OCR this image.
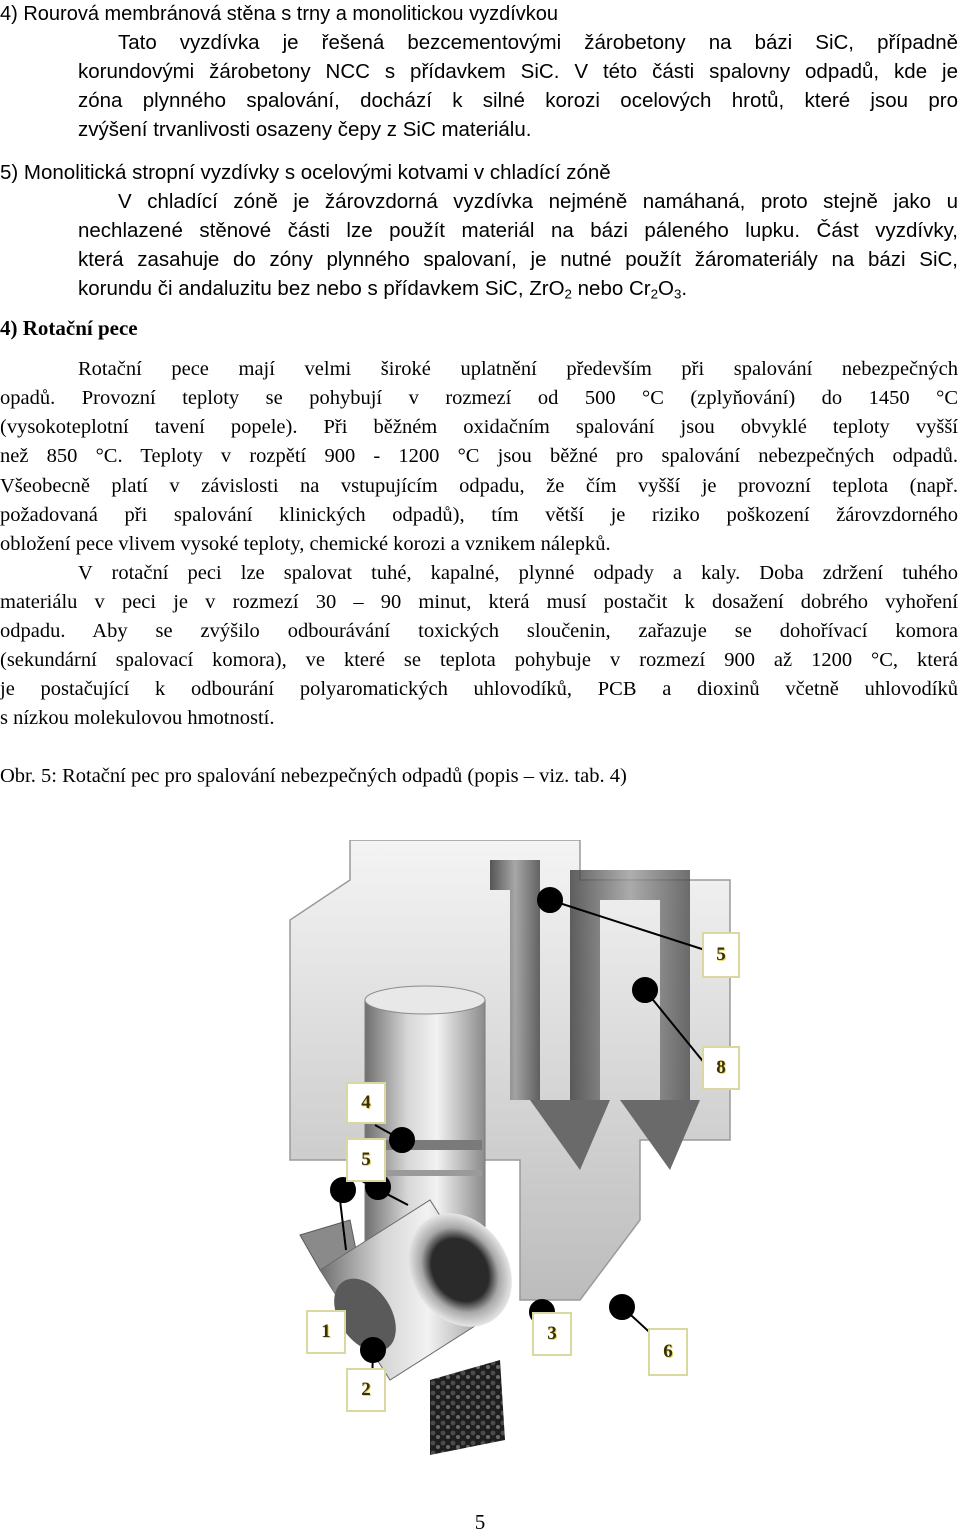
4) Rourová membránová stěna s trny a monolitickou vyzdívkou
Tato vyzdívka je řešená bezcementovými žárobetony na bázi SiC, případně
korundovými žárobetony NCC s přídavkem SiC. V této části spalovny odpadů, kde je
zóna plynného spalování, dochází k silné korozi ocelových hrotů, které jsou pro
zvýšení trvanlivosti osazeny čepy z SiC materiálu.
5) Monolitická stropní vyzdívky s ocelovými kotvami v chladící zóně
V chladící zóně je žárovzdorná vyzdívka nejméně namáhaná, proto stejně jako u
nechlazené stěnové části lze použít materiál na bázi páleného lupku. Část vyzdívky,
která zasahuje do zóny plynného spalovaní, je nutné použít žáromateriály na bázi SiC,
korundu či andaluzitu bez nebo s přídavkem SiC, ZrO$_2$ nebo $Cr_2O_3$.
4) Rotační pece
Rotační pece mají velmi široké uplatnění především při spalování nebezpečných
opadů. Provozní teploty se pohybují v rozmezí od 500 °C (zplyňování) do 1450 °C
(vysokoteplotní tavení popele). Při běžném oxidačním spalování jsou obvyklé teploty vyšší
než 850 °C. Teploty v rozpětí 900 - 1200 °C jsou běžné pro spalování nebezpečných odpadů.
Všeobecně platí v závislosti na vstupujícím odpadu, že čím vyšší je provozní teplota (např.
požadovaná při spalování klinických odpadů), tím větší je riziko poškození žárovzdorného
obložení pece vlivem vysoké teploty, chemické korozi a vznikem nálepků.
V rotační peci lze spalovat tuhé, kapalné, plynné odpady a kaly. Doba zdržení tuhého
materiálu v peci je v rozmezí 30 – 90 minut, která musí postačit k dosažení dobrého vyhoření
odpadu. Aby se zvýšilo odbourávání toxických sloučenin, zařazuje se dohořívací komora
(sekundární spalovací komora), ve které se teplota pohybuje v rozmezí 900 až 1200 °C, která
je postačující k odbourání polyaromatických uhlovodíků, PCB a dioxinů včetně uhlovodíků
s nízkou molekulovou hmotností.
Obr. 5: Rotační pec pro spalování nebezpečných odpadů (popis – viz. tab. 4)
4
5
1
2
3
6
5
8
5
